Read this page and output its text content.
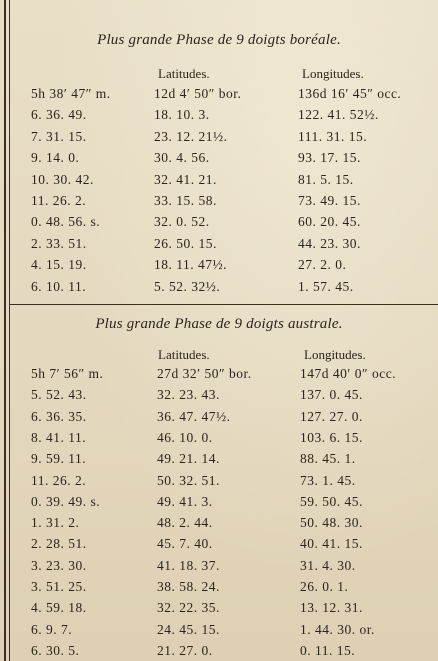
Plus grande Phase de 9 doigts boréale.
Latitudes.	Longitudes.
5h 38′ 47″ m.	12d 4′ 50″ bor.	136d 16′ 45″ occ.
6. 36. 49.	18. 10. 3.	122. 41. 52½.
7. 31. 15.	23. 12. 21½.	111. 31. 15.
9. 14. 0.	30. 4. 56.	93. 17. 15.
10. 30. 42.	32. 41. 21.	81. 5. 15.
11. 26. 2.	33. 15. 58.	73. 49. 15.
0. 48. 56. s.	32. 0. 52.	60. 20. 45.
2. 33. 51.	26. 50. 15.	44. 23. 30.
4. 15. 19.	18. 11. 47½.	27. 2. 0.
6. 10. 11.	5. 52. 32½.	1. 57. 45.
Plus grande Phase de 9 doigts australe.
Latitudes.	Longitudes.
5h 7′ 56″ m.	27d 32′ 50″ bor.	147d 40′ 0″ occ.
5. 52. 43.	32. 23. 43.	137. 0. 45.
6. 36. 35.	36. 47. 47½.	127. 27. 0.
8. 41. 11.	46. 10. 0.	103. 6. 15.
9. 59. 11.	49. 21. 14.	88. 45. 1.
11. 26. 2.	50. 32. 51.	73. 1. 45.
0. 39. 49. s.	49. 41. 3.	59. 50. 45.
1. 31. 2.	48. 2. 44.	50. 48. 30.
2. 28. 51.	45. 7. 40.	40. 41. 15.
3. 23. 30.	41. 18. 37.	31. 4. 30.
3. 51. 25.	38. 58. 24.	26. 0. 1.
4. 59. 18.	32. 22. 35.	13. 12. 31.
6. 9. 7.	24. 45. 15.	1. 44. 30. or.
6. 30. 5.	21. 27. 0.	0. 11. 15.
